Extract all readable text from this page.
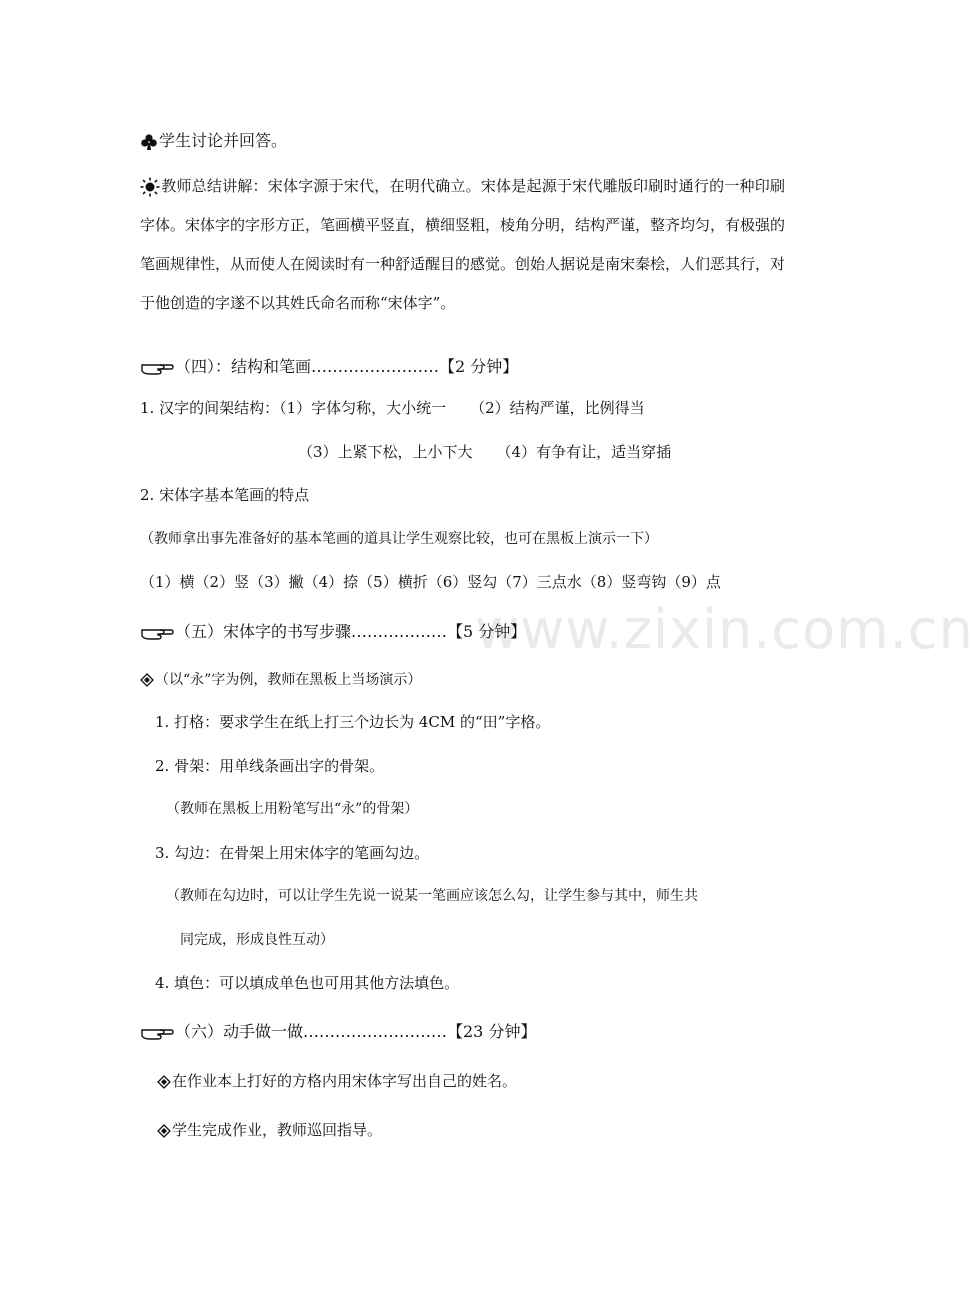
www.zixin.com.cn
学生讨论并回答。
教师总结讲解：宋体字源于宋代，在明代确立。宋体是起源于宋代雕版印刷时通行的一种印刷字体。宋体字的字形方正，笔画横平竖直，横细竖粗，棱角分明，结构严谨，整齐均匀，有极强的笔画规律性，从而使人在阅读时有一种舒适醒目的感觉。创始人据说是南宋秦桧，人们恶其行，对于他创造的字遂不以其姓氏命名而称“宋体字”。
（四）：结构和笔画……………………【2 分钟】
1. 汉字的间架结构：（1）字体匀称，大小统一 （2）结构严谨，比例得当
（3）上紧下松，上小下大 （4）有争有让，适当穿插
2. 宋体字基本笔画的特点
（教师拿出事先准备好的基本笔画的道具让学生观察比较，也可在黑板上演示一下）
（1）横（2）竖（3）撇（4）捺（5）横折（6）竖勾（7）三点水（8）竖弯钩（9）点
（五）宋体字的书写步骤………………【5 分钟】
（以“永”字为例，教师在黑板上当场演示）
1. 打格：要求学生在纸上打三个边长为 4CM 的“田”字格。
2. 骨架：用单线条画出字的骨架。
（教师在黑板上用粉笔写出“永”的骨架）
3. 勾边：在骨架上用宋体字的笔画勾边。
（教师在勾边时，可以让学生先说一说某一笔画应该怎么勾，让学生参与其中，师生共
同完成，形成良性互动）
4. 填色：可以填成单色也可用其他方法填色。
（六）动手做一做………………………【23 分钟】
在作业本上打好的方格内用宋体字写出自己的姓名。
学生完成作业，教师巡回指导。
